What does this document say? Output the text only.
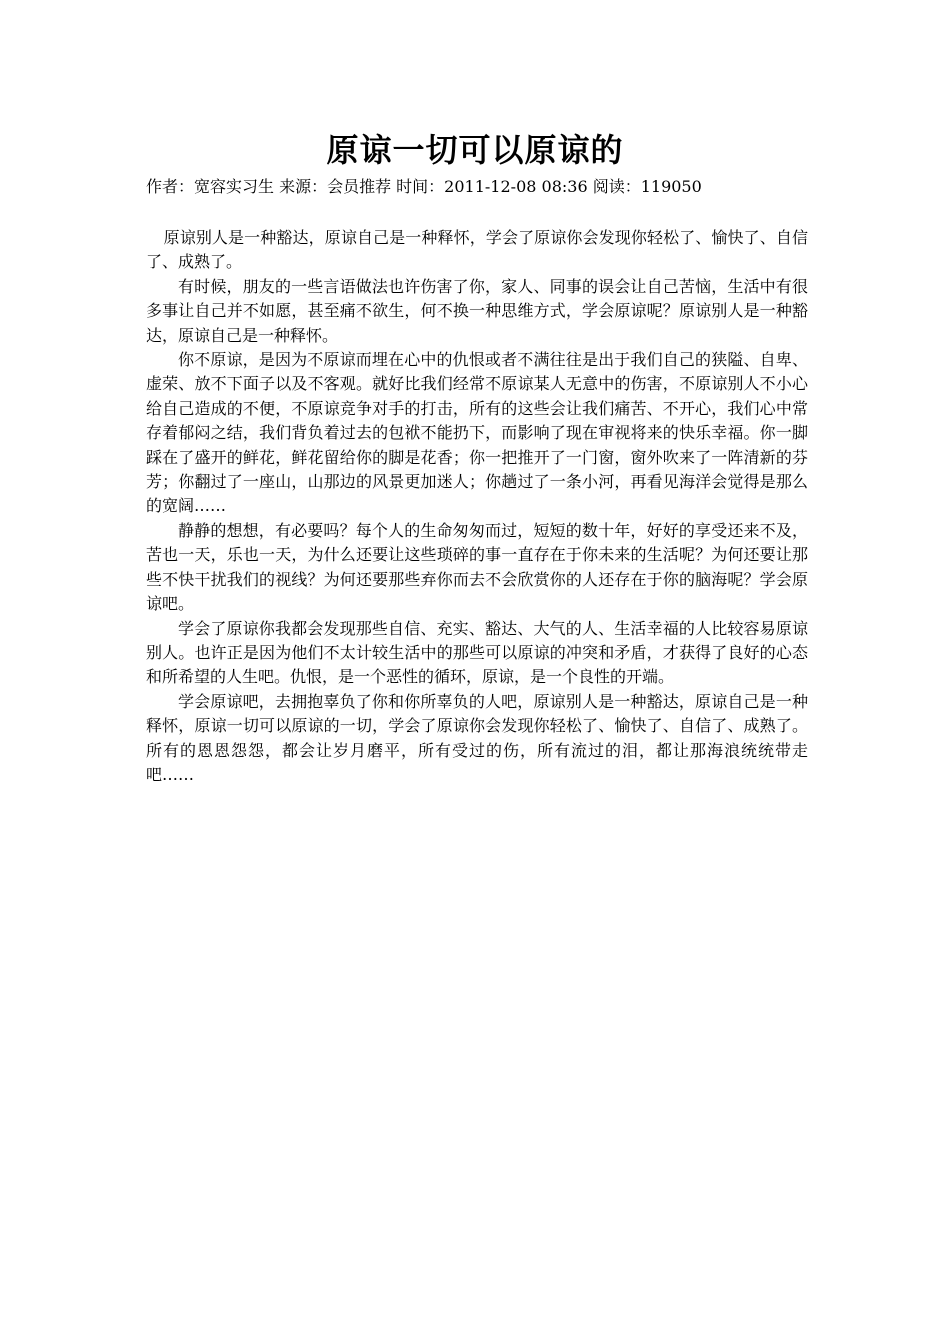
原谅一切可以原谅的
作者：宽容实习生 来源：会员推荐 时间：2011-12-08 08:36 阅读：119050

原谅别人是一种豁达，原谅自己是一种释怀，学会了原谅你会发现你轻松了、愉快了、自信了、成熟了。

有时候，朋友的一些言语做法也许伤害了你，家人、同事的误会让自己苦恼，生活中有很多事让自己并不如愿，甚至痛不欲生，何不换一种思维方式，学会原谅呢？原谅别人是一种豁达，原谅自己是一种释怀。

你不原谅，是因为不原谅而埋在心中的仇恨或者不满往往是出于我们自己的狭隘、自卑、虚荣、放不下面子以及不客观。就好比我们经常不原谅某人无意中的伤害，不原谅别人不小心给自己造成的不便，不原谅竞争对手的打击，所有的这些会让我们痛苦、不开心，我们心中常存着郁闷之结，我们背负着过去的包袱不能扔下，而影响了现在审视将来的快乐幸福。你一脚踩在了盛开的鲜花，鲜花留给你的脚是花香；你一把推开了一门窗，窗外吹来了一阵清新的芬芳；你翻过了一座山，山那边的风景更加迷人；你趟过了一条小河，再看见海洋会觉得是那么的宽阔……

静静的想想，有必要吗？每个人的生命匆匆而过，短短的数十年，好好的享受还来不及，苦也一天，乐也一天，为什么还要让这些琐碎的事一直存在于你未来的生活呢？为何还要让那些不快干扰我们的视线？为何还要那些弃你而去不会欣赏你的人还存在于你的脑海呢？学会原谅吧。

学会了原谅你我都会发现那些自信、充实、豁达、大气的人、生活幸福的人比较容易原谅别人。也许正是因为他们不太计较生活中的那些可以原谅的冲突和矛盾，才获得了良好的心态和所希望的人生吧。仇恨，是一个恶性的循环，原谅，是一个良性的开端。

学会原谅吧，去拥抱辜负了你和你所辜负的人吧，原谅别人是一种豁达，原谅自己是一种释怀，原谅一切可以原谅的一切，学会了原谅你会发现你轻松了、愉快了、自信了、成熟了。所有的恩恩怨怨，都会让岁月磨平，所有受过的伤，所有流过的泪，都让那海浪统统带走吧……
